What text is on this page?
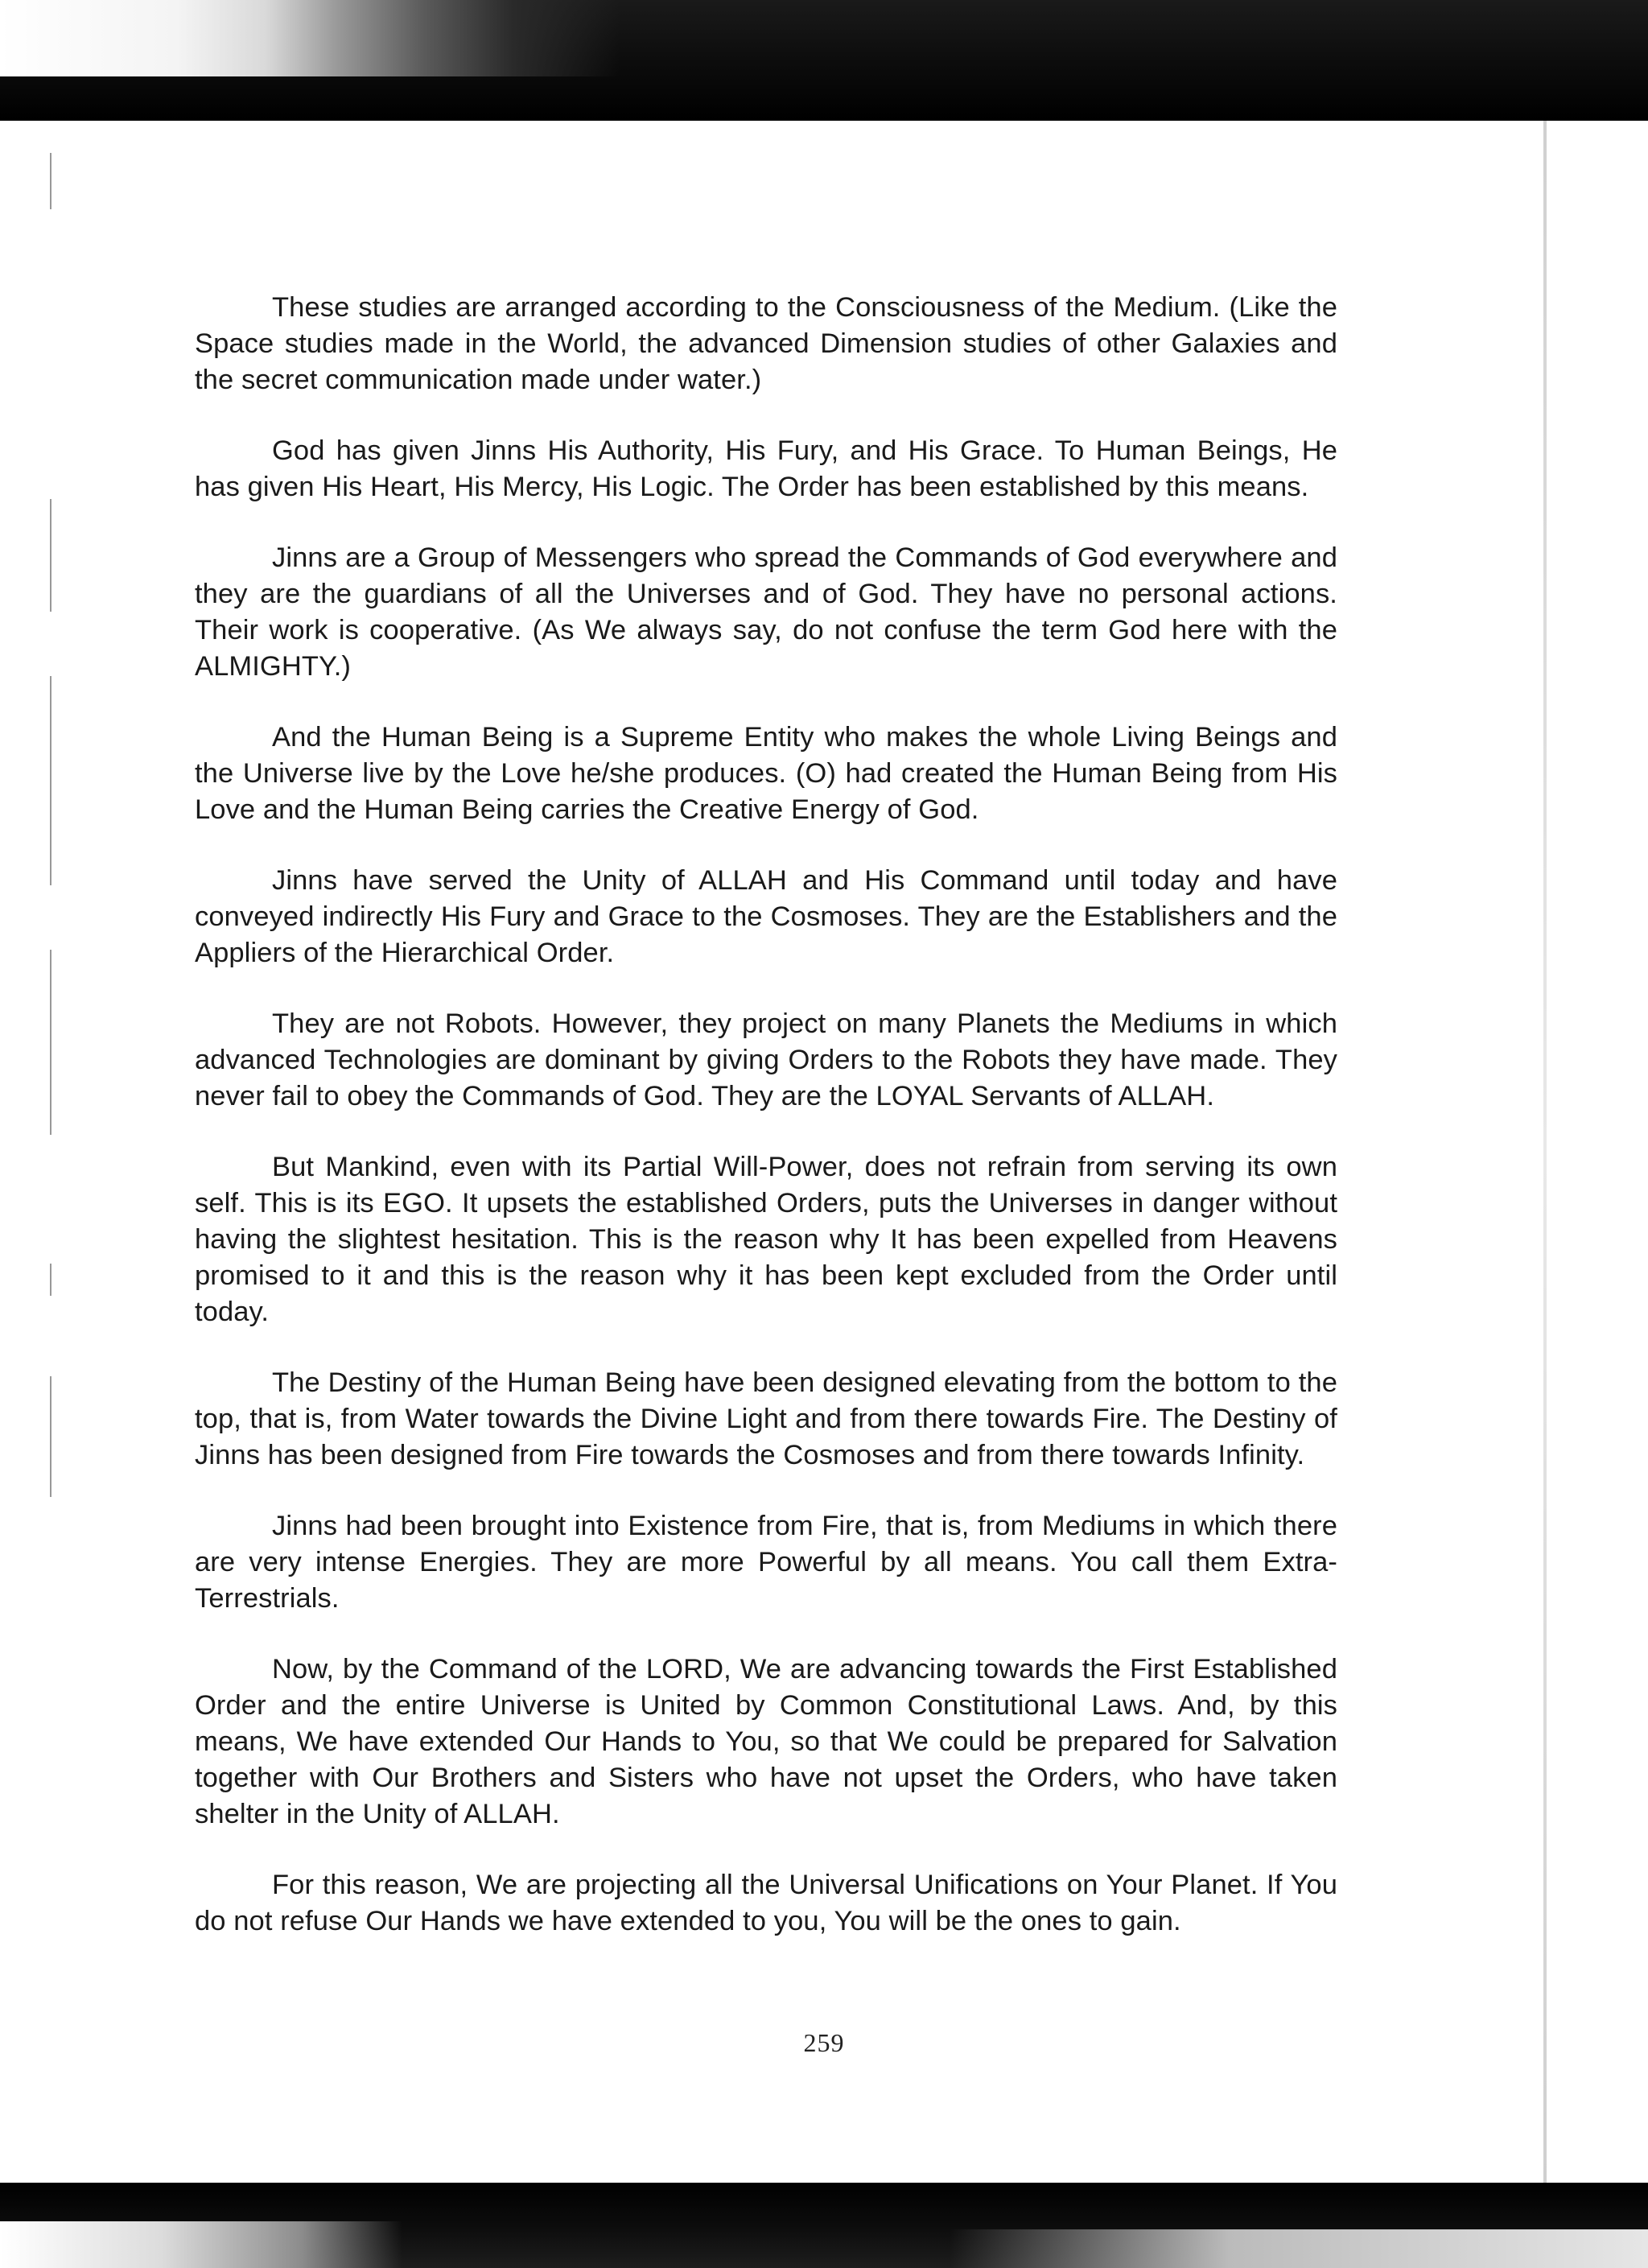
These studies are arranged according to the Consciousness of the Medium. (Like the Space studies made in the World, the advanced Dimension studies of other Galaxies and the secret communication made under water.)

God has given Jinns His Authority, His Fury, and His Grace. To Human Beings, He has given His Heart, His Mercy, His Logic. The Order has been established by this means.

Jinns are a Group of Messengers who spread the Commands of God everywhere and they are the guardians of all the Universes and of God. They have no personal actions. Their work is cooperative. (As We always say, do not confuse the term God here with the ALMIGHTY.)

And the Human Being is a Supreme Entity who makes the whole Living Beings and the Universe live by the Love he/she produces. (O) had created the Human Being from His Love and the Human Being carries the Creative Energy of God.

Jinns have served the Unity of ALLAH and His Command until today and have conveyed indirectly His Fury and Grace to the Cosmoses. They are the Establishers and the Appliers of the Hierarchical Order.

They are not Robots. However, they project on many Planets the Mediums in which advanced Technologies are dominant by giving Orders to the Robots they have made. They never fail to obey the Commands of God. They are the LOYAL Servants of ALLAH.

But Mankind, even with its Partial Will-Power, does not refrain from serving its own self. This is its EGO. It upsets the established Orders, puts the Universes in danger without having the slightest hesitation. This is the reason why It has been expelled from Heavens promised to it and this is the reason why it has been kept excluded from the Order until today.

The Destiny of the Human Being have been designed elevating from the bottom to the top, that is, from Water towards the Divine Light and from there towards Fire. The Destiny of Jinns has been designed from Fire towards the Cosmoses and from there towards Infinity.

Jinns had been brought into Existence from Fire, that is, from Mediums in which there are very intense Energies. They are more Powerful by all means. You call them Extra-Terrestrials.

Now, by the Command of the LORD, We are advancing towards the First Established Order and the entire Universe is United by Common Constitutional Laws. And, by this means, We have extended Our Hands to You, so that We could be prepared for Salvation together with Our Brothers and Sisters who have not upset the Orders, who have taken shelter in the Unity of ALLAH.

For this reason, We are projecting all the Universal Unifications on Your Planet. If You do not refuse Our Hands we have extended to you, You will be the ones to gain.

259
